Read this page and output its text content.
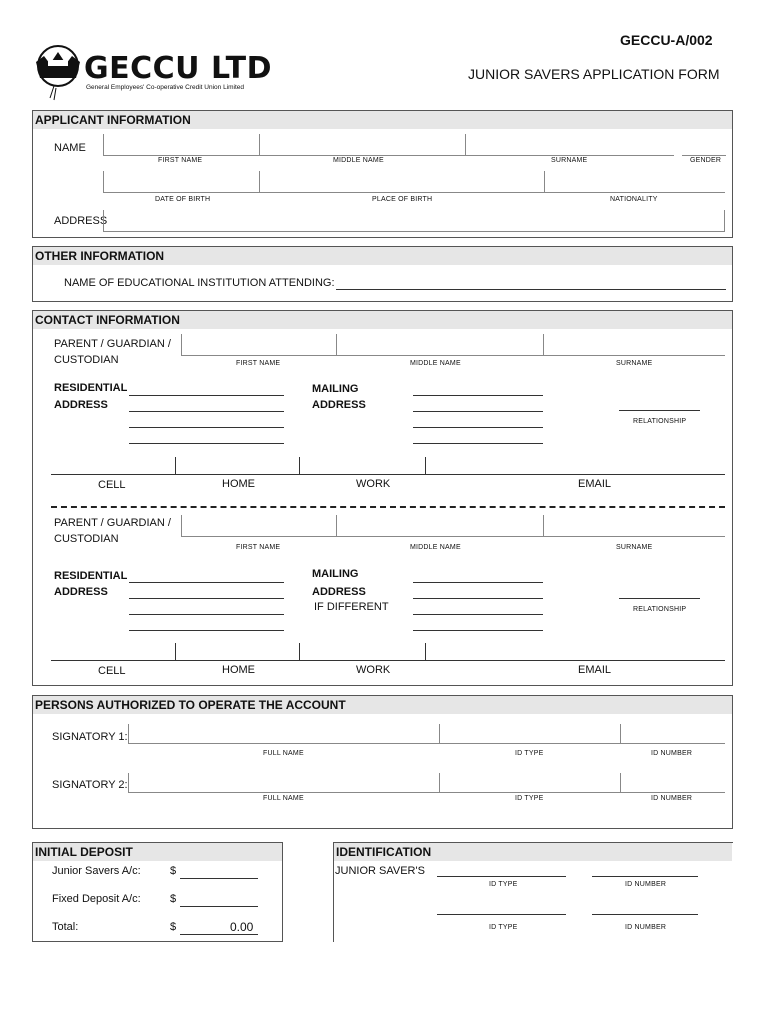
GECCU LTD
General Employees' Co-operative Credit Union Limited
GECCU-A/002
JUNIOR SAVERS APPLICATION FORM
APPLICANT INFORMATION
NAME
FIRST NAME	MIDDLE NAME	SURNAME	GENDER
DATE OF BIRTH	PLACE OF BIRTH	NATIONALITY
ADDRESS
OTHER INFORMATION
NAME OF EDUCATIONAL INSTITUTION ATTENDING:
CONTACT INFORMATION
PARENT / GUARDIAN /
CUSTODIAN	FIRST NAME	MIDDLE NAME	SURNAME
RESIDENTIAL
ADDRESS
MAILING
ADDRESS
RELATIONSHIP
CELL	HOME	WORK	EMAIL
PARENT / GUARDIAN /
CUSTODIAN
FIRST NAME	MIDDLE NAME	SURNAME
RESIDENTIAL
ADDRESS
MAILING
ADDRESS
IF DIFFERENT	RELATIONSHIP
CELL	HOME	WORK	EMAIL
PERSONS AUTHORIZED TO OPERATE THE ACCOUNT
SIGNATORY 1:
FULL NAME	ID TYPE	ID NUMBER
SIGNATORY 2:
FULL NAME	ID TYPE	ID NUMBER
INITIAL DEPOSIT
Junior Savers A/c:	$
Fixed Deposit A/c:	$
Total:	$	0.00
IDENTIFICATION
JUNIOR SAVER'S
ID TYPE	ID NUMBER
ID TYPE	ID NUMBER
